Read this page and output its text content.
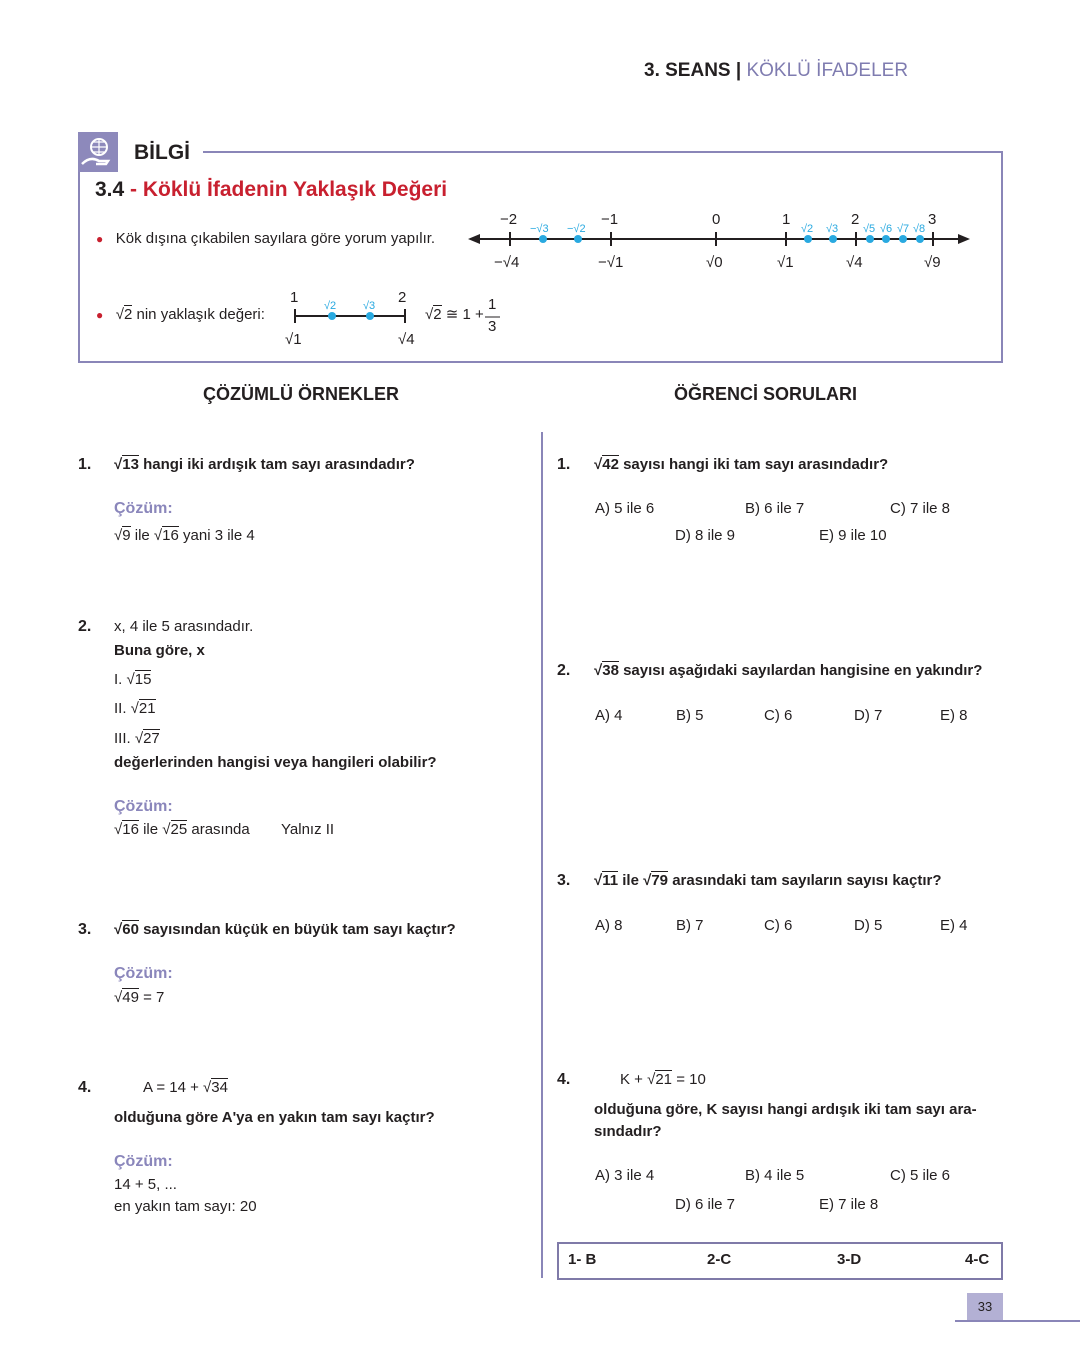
3. SEANS | KÖKLÜ İFADELER
BİLGİ
3.4 - Köklü İfadenin Yaklaşık Değeri
● Kök dışına çıkabilen sayılara göre yorum yapılır.
● √2 nin yaklaşık değeri:
−2	−1	0	1	2	3
−√4	−√1	√0	√1	√4	√9
−√3 −√2	√2 √3 √5 √6 √7 √8
1	2
√1	√4
√2 √3	√2 ≅ 1 +
1
3
ÇÖZÜMLÜ ÖRNEKLER	ÖĞRENCİ SORULARI
1. √13 hangi iki ardışık tam sayı arasındadır?
Çözüm:
√9 ile √16 yani 3 ile 4
2. x, 4 ile 5 arasındadır.
Buna göre, x
I. √15
II. √21
III. √27
değerlerinden hangisi veya hangileri olabilir?
Çözüm:
√16 ile √25 arasında Yalnız II
3. √60 sayısından küçük en büyük tam sayı kaçtır?
Çözüm:
√49 = 7
4.	A = 14 + √34
olduğuna göre A'ya en yakın tam sayı kaçtır?
Çözüm:
14 + 5, ...
en yakın tam sayı: 20
1. √42 sayısı hangi iki tam sayı arasındadır?
A) 5 ile 6	B) 6 ile 7	C) 7 ile 8
D) 8 ile 9	E) 9 ile 10
2. √38 sayısı aşağıdaki sayılardan hangisine en yakındır?
A) 4	B) 5	C) 6	D) 7	E) 8
3. √11 ile √79 arasındaki tam sayıların sayısı kaçtır?
A) 8	B) 7	C) 6	D) 5	E) 4
4.	K + √21 = 10
olduğuna göre, K sayısı hangi ardışık iki tam sayı ara-
sındadır?
A) 3 ile 4	B) 4 ile 5	C) 5 ile 6
D) 6 ile 7	E) 7 ile 8
1- B	2-C	3-D	4-C
33
